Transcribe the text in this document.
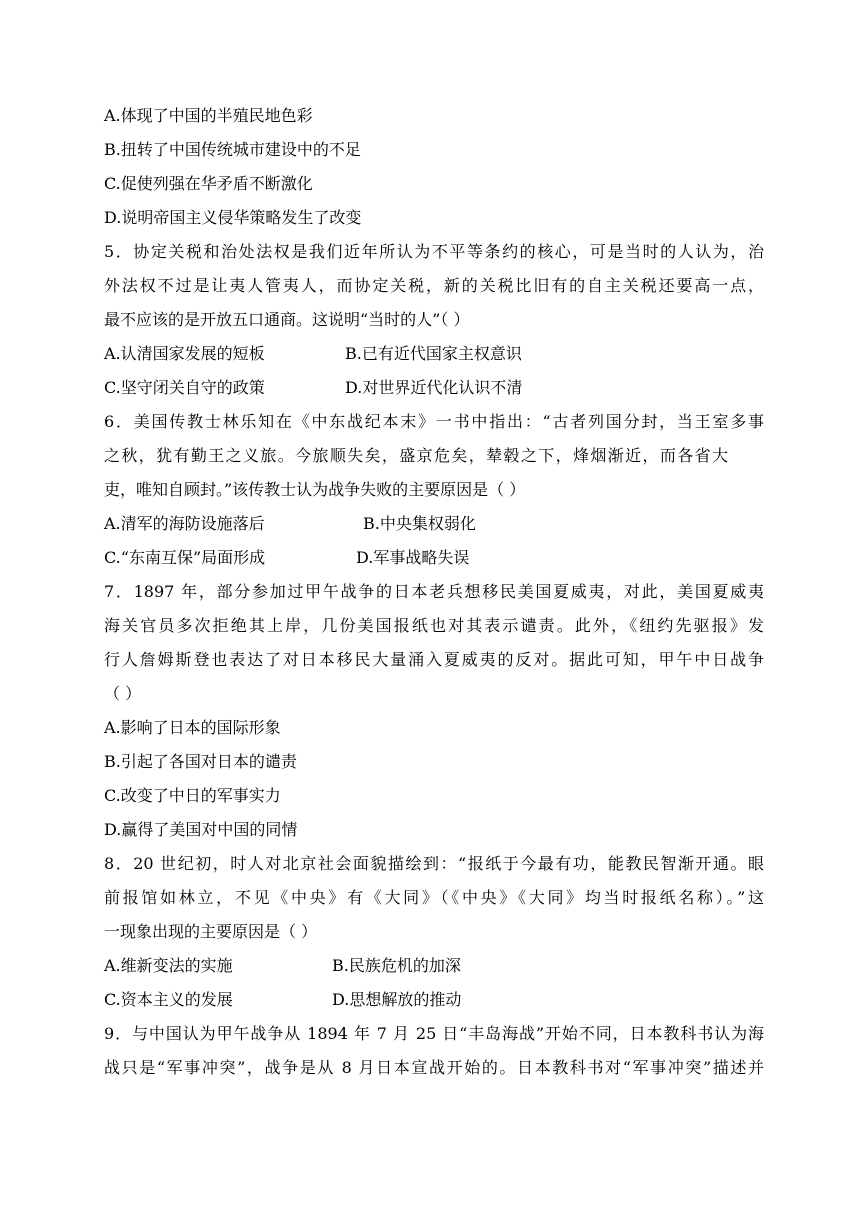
A.体现了中国的半殖民地色彩
B.扭转了中国传统城市建设中的不足
C.促使列强在华矛盾不断激化
D.说明帝国主义侵华策略发生了改变
5．协定关税和治处法权是我们近年所认为不平等条约的核心，可是当时的人认为，治
外法权不过是让夷人管夷人，而协定关税，新的关税比旧有的自主关税还要高一点，
最不应该的是开放五口通商。这说明“当时的人”（ ）
A.认清国家发展的短板	B.已有近代国家主权意识
C.坚守闭关自守的政策	D.对世界近代化认识不清
6．美国传教士林乐知在《中东战纪本末》一书中指出：“古者列国分封，当王室多事
之秋，犹有勤王之义旅。今旅顺失矣，盛京危矣，辇毂之下，烽烟渐近，而各省大
吏，唯知自顾封。”该传教士认为战争失败的主要原因是（ ）
A.清军的海防设施落后	B.中央集权弱化
C.“东南互保”局面形成	D.军事战略失误
7．1897 年，部分参加过甲午战争的日本老兵想移民美国夏威夷，对此，美国夏威夷
海关官员多次拒绝其上岸，几份美国报纸也对其表示谴责。此外，《纽约先驱报》发
行人詹姆斯登也表达了对日本移民大量涌入夏威夷的反对。据此可知，甲午中日战争
（ ）
A.影响了日本的国际形象
B.引起了各国对日本的谴责
C.改变了中日的军事实力
D.赢得了美国对中国的同情
8．20 世纪初，时人对北京社会面貌描绘到：“报纸于今最有功，能教民智渐开通。眼
前报馆如林立，不见《中央》有《大同》（《中央》《大同》均当时报纸名称）。”这
一现象出现的主要原因是（ ）
A.维新变法的实施	B.民族危机的加深
C.资本主义的发展	D.思想解放的推动
9．与中国认为甲午战争从 1894 年 7 月 25 日“丰岛海战”开始不同，日本教科书认为海
战只是“军事冲突”，战争是从 8 月日本宣战开始的。日本教科书对“军事冲突”描述并
